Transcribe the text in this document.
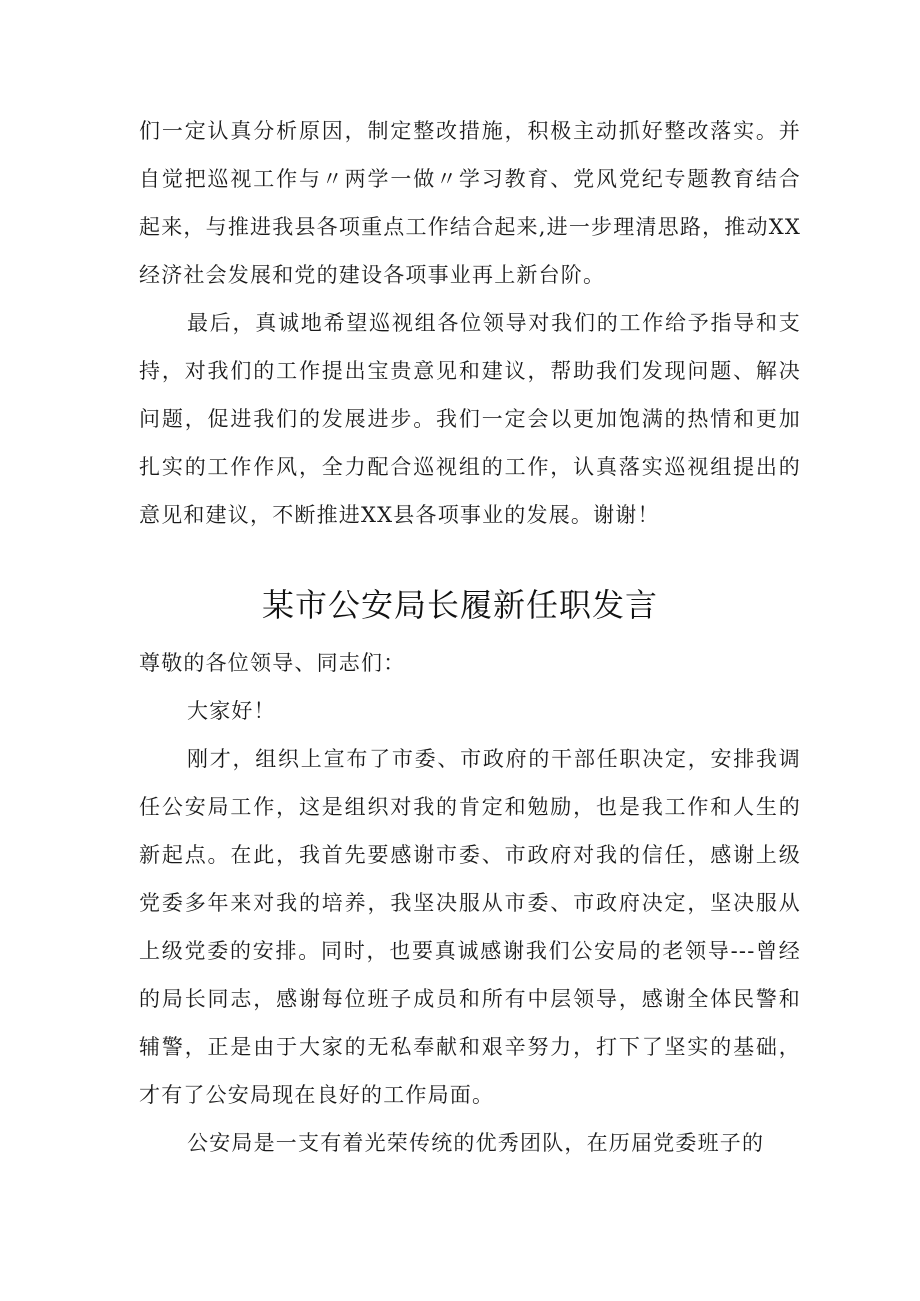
们一定认真分析原因，制定整改措施，积极主动抓好整改落实。并自觉把巡视工作与〃两学一做〃学习教育、党风党纪专题教育结合起来，与推进我县各项重点工作结合起来,进一步理清思路，推动XX经济社会发展和党的建设各项事业再上新台阶。

最后，真诚地希望巡视组各位领导对我们的工作给予指导和支持，对我们的工作提出宝贵意见和建议，帮助我们发现问题、解决问题，促进我们的发展进步。我们一定会以更加饱满的热情和更加扎实的工作作风，全力配合巡视组的工作，认真落实巡视组提出的意见和建议，不断推进XX县各项事业的发展。谢谢！

某市公安局长履新任职发言

尊敬的各位领导、同志们：

大家好！

刚才，组织上宣布了市委、市政府的干部任职决定，安排我调任公安局工作，这是组织对我的肯定和勉励，也是我工作和人生的新起点。在此，我首先要感谢市委、市政府对我的信任，感谢上级党委多年来对我的培养，我坚决服从市委、市政府决定，坚决服从上级党委的安排。同时，也要真诚感谢我们公安局的老领导---曾经的局长同志，感谢每位班子成员和所有中层领导，感谢全体民警和辅警，正是由于大家的无私奉献和艰辛努力，打下了坚实的基础，才有了公安局现在良好的工作局面。

公安局是一支有着光荣传统的优秀团队，在历届党委班子的
